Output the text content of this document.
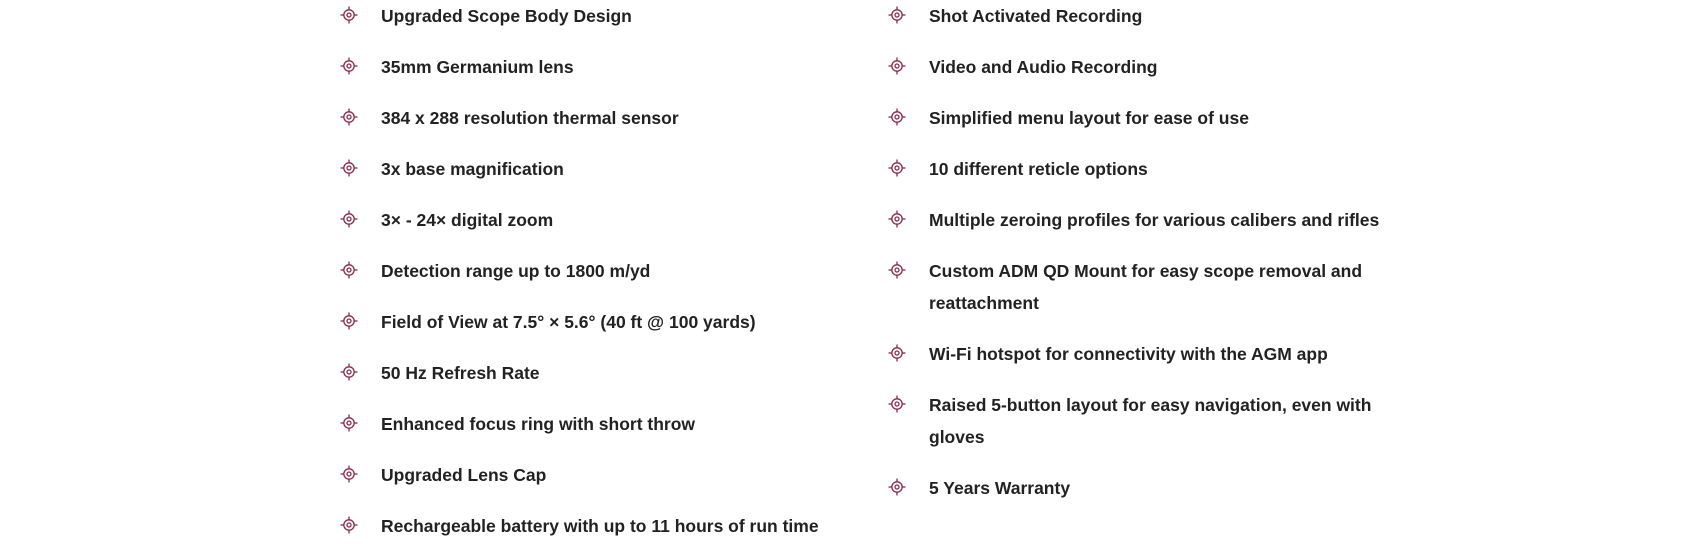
Upgraded Scope Body Design
35mm Germanium lens
384 x 288 resolution thermal sensor
3x base magnification
3× - 24× digital zoom
Detection range up to 1800 m/yd
Field of View at 7.5° × 5.6° (40 ft @ 100 yards)
50 Hz Refresh Rate
Enhanced focus ring with short throw
Upgraded Lens Cap
Rechargeable battery with up to 11 hours of run time
Shot Activated Recording
Video and Audio Recording
Simplified menu layout for ease of use
10 different reticle options
Multiple zeroing profiles for various calibers and rifles
Custom ADM QD Mount for easy scope removal and reattachment
Wi-Fi hotspot for connectivity with the AGM app
Raised 5-button layout for easy navigation, even with gloves
5 Years Warranty
